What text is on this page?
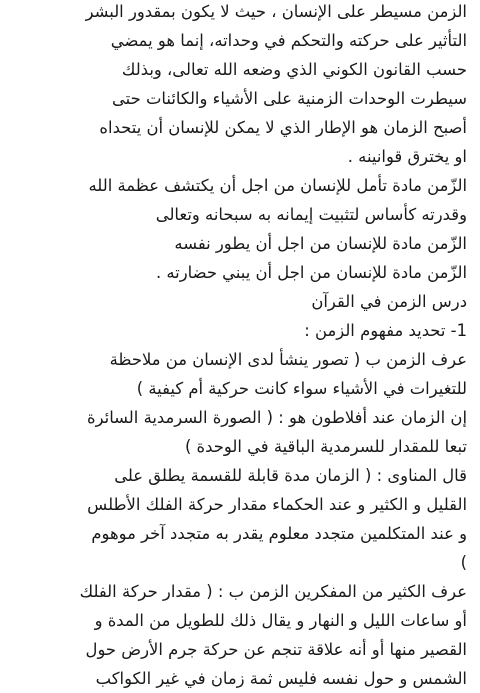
الزمن مسيطر على الإنسان ، حيث لا يكون بمقدور البشر
التأثير على حركته والتحكم في وحداته، إنما هو يمضي
حسب القانون الكوني الذي وضعه الله تعالى، وبذلك
سيطرت الوحدات الزمنية على الأشياء والكائنات حتى
أصبح الزمان هو الإطار الذي لا يمكن للإنسان أن يتحداه
او يخترق قوانينه .
الزّمن مادة تأمل للإنسان من اجل أن يكتشف عظمة الله
وقدرته كأساس لتثبيت إيمانه به سبحانه وتعالى
الزّمن مادة للإنسان من اجل أن يطور نفسه
الزّمن مادة للإنسان من اجل أن يبني حضارته .
درس الزمن في القرآن
1- تحديد مفهوم الزمن :
عرف الزمن ب ( تصور ينشأ لدى الإنسان من ملاحظة
للتغيرات في الأشياء سواء كانت حركية أم كيفية )
إن الزمان عند أفلاطون هو : ( الصورة السرمدية السائرة
تبعا للمقدار للسرمدية الباقية في الوحدة )
قال المناوى : ( الزمان مدة قابلة للقسمة يطلق على
القليل و الكثير و عند الحكماء مقدار حركة الفلك الأطلس
و عند المتكلمين متجدد معلوم يقدر به متجدد آخر موهوم
)
عرف الكثير من المفكرين الزمن ب : ( مقدار حركة الفلك
أو ساعات الليل و النهار و يقال ذلك للطويل من المدة و
القصير منها أو أنه علاقة تنجم عن حركة جرم الأرض حول
الشمس و حول نفسه فليس ثمة زمان في غير الكواكب
